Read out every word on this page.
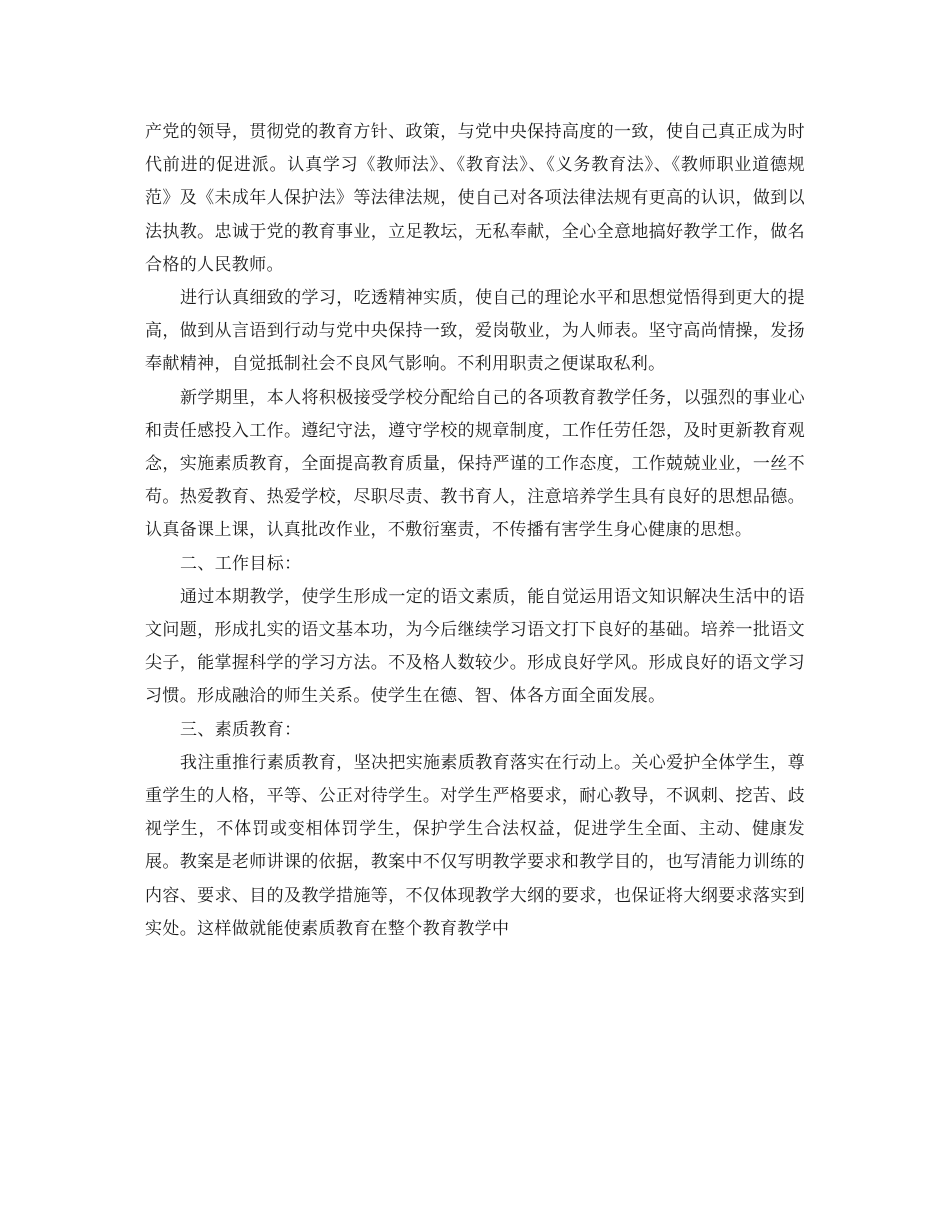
产党的领导，贯彻党的教育方针、政策，与党中央保持高度的一致，使自己真正成为时代前进的促进派。认真学习《教师法》、《教育法》、《义务教育法》、《教师职业道德规范》及《未成年人保护法》等法律法规，使自己对各项法律法规有更高的认识，做到以法执教。忠诚于党的教育事业，立足教坛，无私奉献，全心全意地搞好教学工作，做名合格的人民教师。

进行认真细致的学习，吃透精神实质，使自己的理论水平和思想觉悟得到更大的提高，做到从言语到行动与党中央保持一致，爱岗敬业，为人师表。坚守高尚情操，发扬奉献精神，自觉抵制社会不良风气影响。不利用职责之便谋取私利。

新学期里，本人将积极接受学校分配给自己的各项教育教学任务，以强烈的事业心和责任感投入工作。遵纪守法，遵守学校的规章制度，工作任劳任怨，及时更新教育观念，实施素质教育，全面提高教育质量，保持严谨的工作态度，工作兢兢业业，一丝不苟。热爱教育、热爱学校，尽职尽责、教书育人，注意培养学生具有良好的思想品德。认真备课上课，认真批改作业，不敷衍塞责，不传播有害学生身心健康的思想。

二、工作目标：

通过本期教学，使学生形成一定的语文素质，能自觉运用语文知识解决生活中的语文问题，形成扎实的语文基本功，为今后继续学习语文打下良好的基础。培养一批语文尖子，能掌握科学的学习方法。不及格人数较少。形成良好学风。形成良好的语文学习习惯。形成融洽的师生关系。使学生在德、智、体各方面全面发展。

三、素质教育：

我注重推行素质教育，坚决把实施素质教育落实在行动上。关心爱护全体学生，尊重学生的人格，平等、公正对待学生。对学生严格要求，耐心教导，不讽刺、挖苦、歧视学生，不体罚或变相体罚学生，保护学生合法权益，促进学生全面、主动、健康发展。教案是老师讲课的依据，教案中不仅写明教学要求和教学目的，也写清能力训练的内容、要求、目的及教学措施等，不仅体现教学大纲的要求，也保证将大纲要求落实到实处。这样做就能使素质教育在整个教育教学中
